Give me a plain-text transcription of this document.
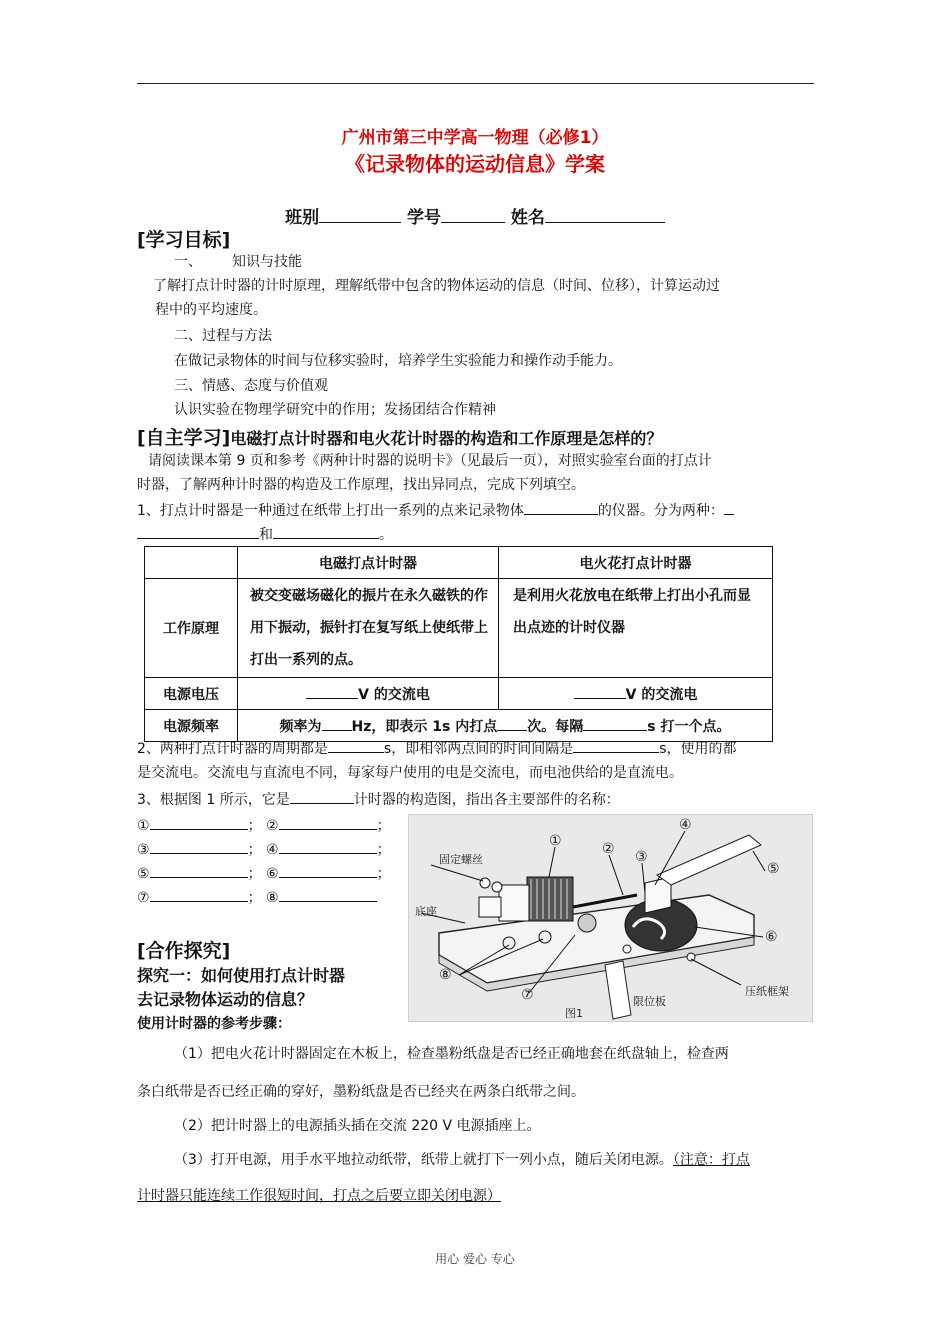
广州市第三中学高一物理（必修1）
《记录物体的运动信息》学案
班别	学号	姓名
[学习目标]
一、 知识与技能
了解打点计时器的计时原理，理解纸带中包含的物体运动的信息（时间、位移），计算运动过
程中的平均速度。
二、过程与方法
在做记录物体的时间与位移实验时，培养学生实验能力和操作动手能力。
三、情感、态度与价值观
认识实验在物理学研究中的作用；发扬团结合作精神
[自主学习]电磁打点计时器和电火花计时器的构造和工作原理是怎样的？
请阅读课本第 9 页和参考《两种计时器的说明卡》（见最后一页），对照实验室台面的打点计
时器，了解两种计时器的构造及工作原理，找出异同点，完成下列填空。
1、打点计时器是一种通过在纸带上打出一系列的点来记录物体	的仪器。分为两种：
和	。
	电磁打点计时器	电火花打点计时器
工作原理	被交变磁场磁化的振片在永久磁铁的作用下振动，振针打在复写纸上使纸带上打出一系列的点。	是利用火花放电在纸带上打出小孔而显出点迹的计时仪器
电源电压	V 的交流电	V 的交流电
电源频率	频率为 Hz，即表示 1s 内打点 次。每隔 s 打一个点。	
2、两种打点计时器的周期都是	s，即相邻两点间的时间间隔是	s，使用的都
是交流电。交流电与直流电不同，每家每户使用的电是交流电，而电池供给的是直流电。
3、根据图 1 所示，它是	计时器的构造图，指出各主要部件的名称：
①	； ②	；
③	； ④	；
⑤	； ⑥	；
⑦	； ⑧
固定螺丝
底座
限位板
压纸框架
图1
①	② ③
④
⑤
⑥
⑦
⑧
[合作探究]
探究一：如何使用打点计时器
去记录物体运动的信息？
使用计时器的参考步骤：
（1）把电火花计时器固定在木板上，检查墨粉纸盘是否已经正确地套在纸盘轴上，检查两
条白纸带是否已经正确的穿好，墨粉纸盘是否已经夹在两条白纸带之间。
（2）把计时器上的电源插头插在交流 220 V 电源插座上。
（3）打开电源，用手水平地拉动纸带，纸带上就打下一列小点，随后关闭电源。（注意：打点
计时器只能连续工作很短时间，打点之后要立即关闭电源）
用心 爱心 专心
